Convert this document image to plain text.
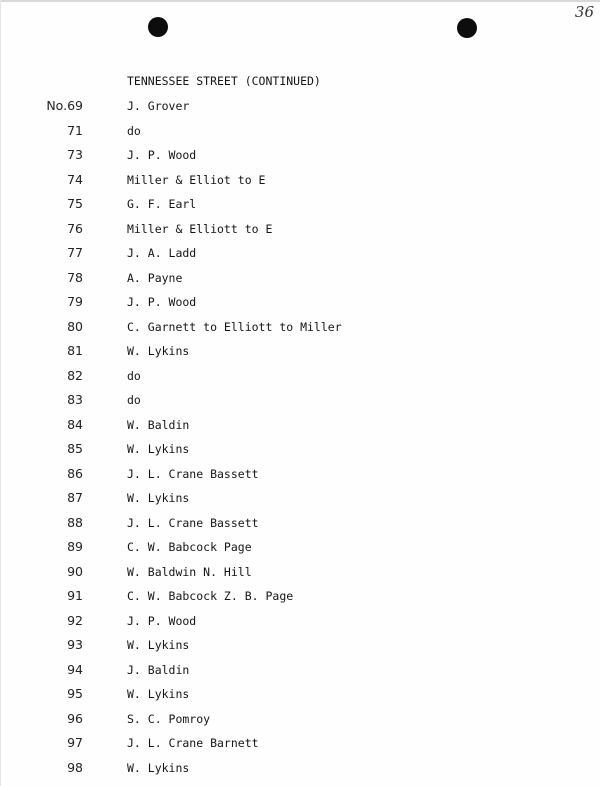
36
TENNESSEE STREET (CONTINUED)
No.69	J. Grover
71	do
73	J. P. Wood
74	Miller & Elliot to E
75	G. F. Earl
76	Miller & Elliott to E
77	J. A. Ladd
78	A. Payne
79	J. P. Wood
80	C. Garnett to Elliott to Miller
81	W. Lykins
82	do
83	do
84	W. Baldin
85	W. Lykins
86	J. L. Crane Bassett
87	W. Lykins
88	J. L. Crane Bassett
89	C. W. Babcock Page
90	W. Baldwin N. Hill
91	C. W. Babcock Z. B. Page
92	J. P. Wood
93	W. Lykins
94	J. Baldin
95	W. Lykins
96	S. C. Pomroy
97	J. L. Crane Barnett
98	W. Lykins
